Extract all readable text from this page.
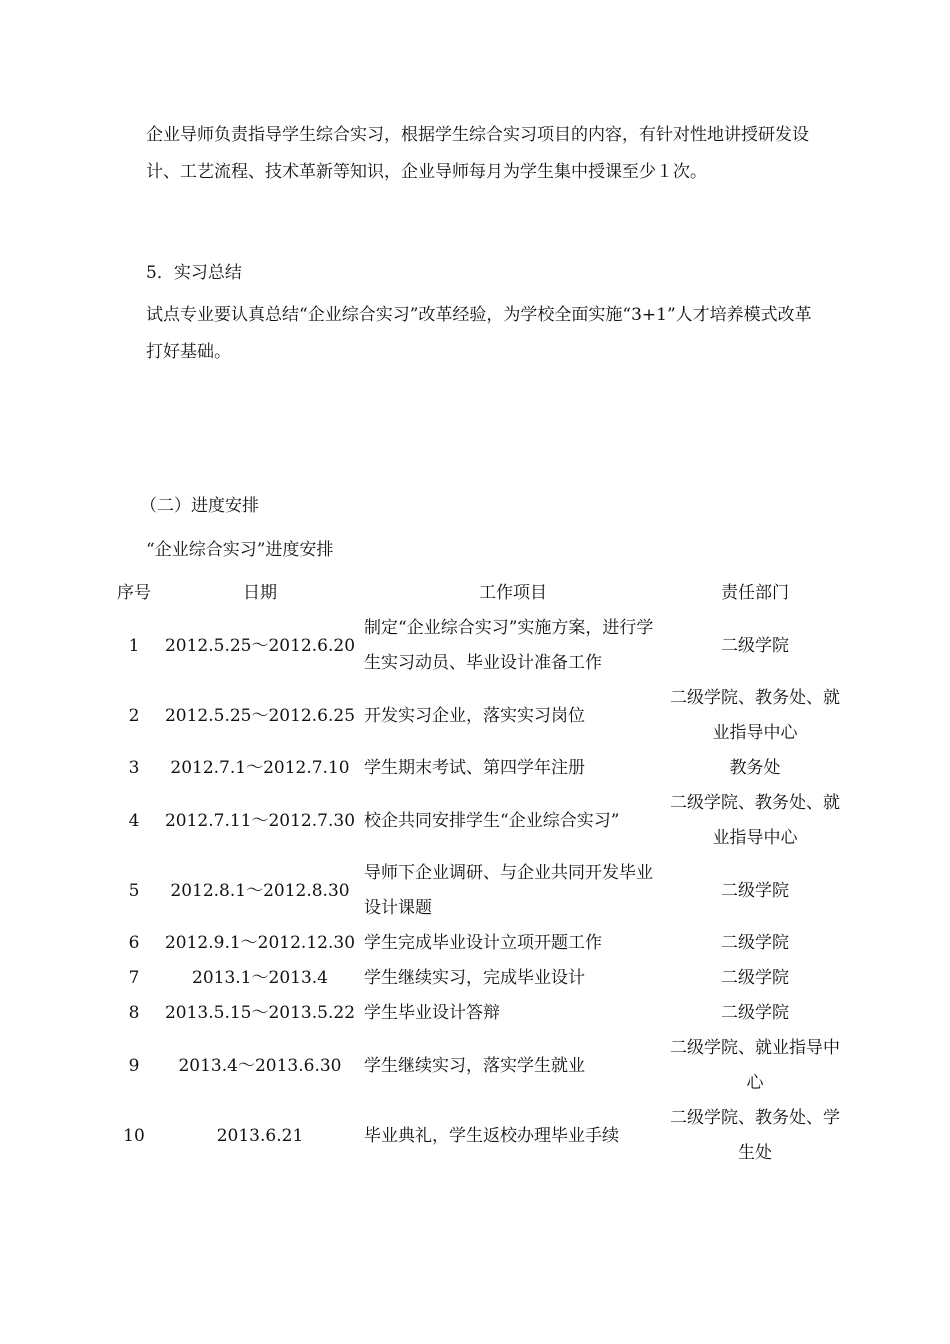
企业导师负责指导学生综合实习，根据学生综合实习项目的内容，有针对性地讲授研发设计、工艺流程、技术革新等知识，企业导师每月为学生集中授课至少１次。

5．实习总结

试点专业要认真总结“企业综合实习”改革经验，为学校全面实施“3+1”人才培养模式改革打好基础。

（二）进度安排

“企业综合实习”进度安排

序号	日期	工作项目	责任部门
1	2012.5.25～2012.6.20	制定“企业综合实习”实施方案，进行学生实习动员、毕业设计准备工作	二级学院
2	2012.5.25～2012.6.25	开发实习企业，落实实习岗位	二级学院、教务处、就业指导中心
3	2012.7.1～2012.7.10	学生期末考试、第四学年注册	教务处
4	2012.7.11～2012.7.30	校企共同安排学生“企业综合实习”	二级学院、教务处、就业指导中心
5	2012.8.1～2012.8.30	导师下企业调研、与企业共同开发毕业设计课题	二级学院
6	2012.9.1～2012.12.30	学生完成毕业设计立项开题工作	二级学院
7	2013.1～2013.4	学生继续实习，完成毕业设计	二级学院
8	2013.5.15～2013.5.22	学生毕业设计答辩	二级学院
9	2013.4～2013.6.30	学生继续实习，落实学生就业	二级学院、就业指导中心
10	2013.6.21	毕业典礼，学生返校办理毕业手续	二级学院、教务处、学生处
